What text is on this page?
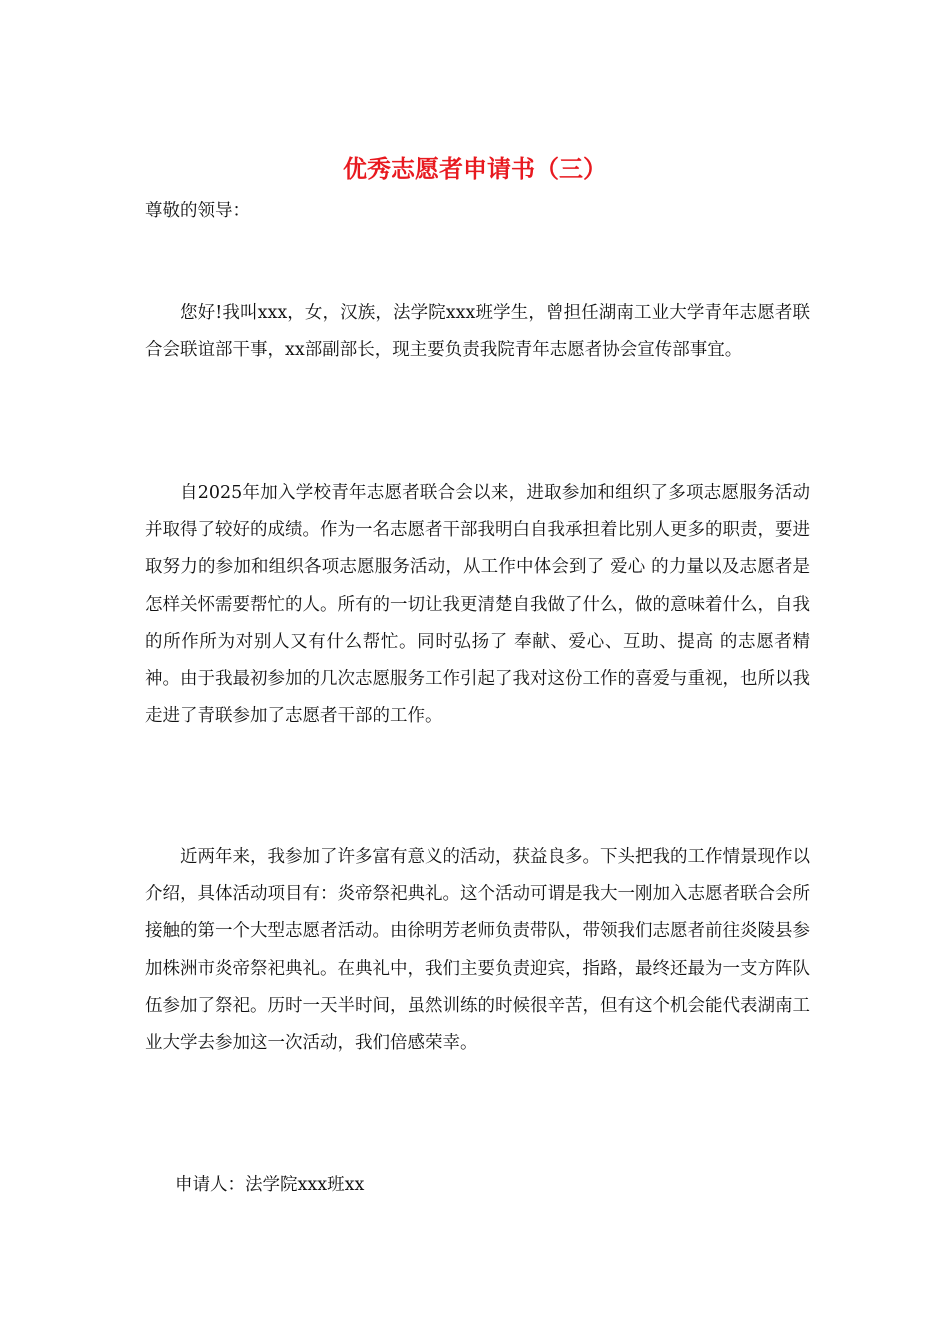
优秀志愿者申请书（三）

尊敬的领导：

您好!我叫xxx，女，汉族，法学院xxx班学生，曾担任湖南工业大学青年志愿者联合会联谊部干事，xx部副部长，现主要负责我院青年志愿者协会宣传部事宜。

自2025年加入学校青年志愿者联合会以来，进取参加和组织了多项志愿服务活动并取得了较好的成绩。作为一名志愿者干部我明白自我承担着比别人更多的职责，要进取努力的参加和组织各项志愿服务活动，从工作中体会到了 爱心 的力量以及志愿者是怎样关怀需要帮忙的人。所有的一切让我更清楚自我做了什么，做的意味着什么，自我的所作所为对别人又有什么帮忙。同时弘扬了 奉献、爱心、互助、提高 的志愿者精神。由于我最初参加的几次志愿服务工作引起了我对这份工作的喜爱与重视，也所以我走进了青联参加了志愿者干部的工作。

近两年来，我参加了许多富有意义的活动，获益良多。下头把我的工作情景现作以介绍，具体活动项目有：炎帝祭祀典礼。这个活动可谓是我大一刚加入志愿者联合会所接触的第一个大型志愿者活动。由徐明芳老师负责带队，带领我们志愿者前往炎陵县参加株洲市炎帝祭祀典礼。在典礼中，我们主要负责迎宾，指路，最终还最为一支方阵队伍参加了祭祀。历时一天半时间，虽然训练的时候很辛苦，但有这个机会能代表湖南工业大学去参加这一次活动，我们倍感荣幸。

申请人：法学院xxx班xx
